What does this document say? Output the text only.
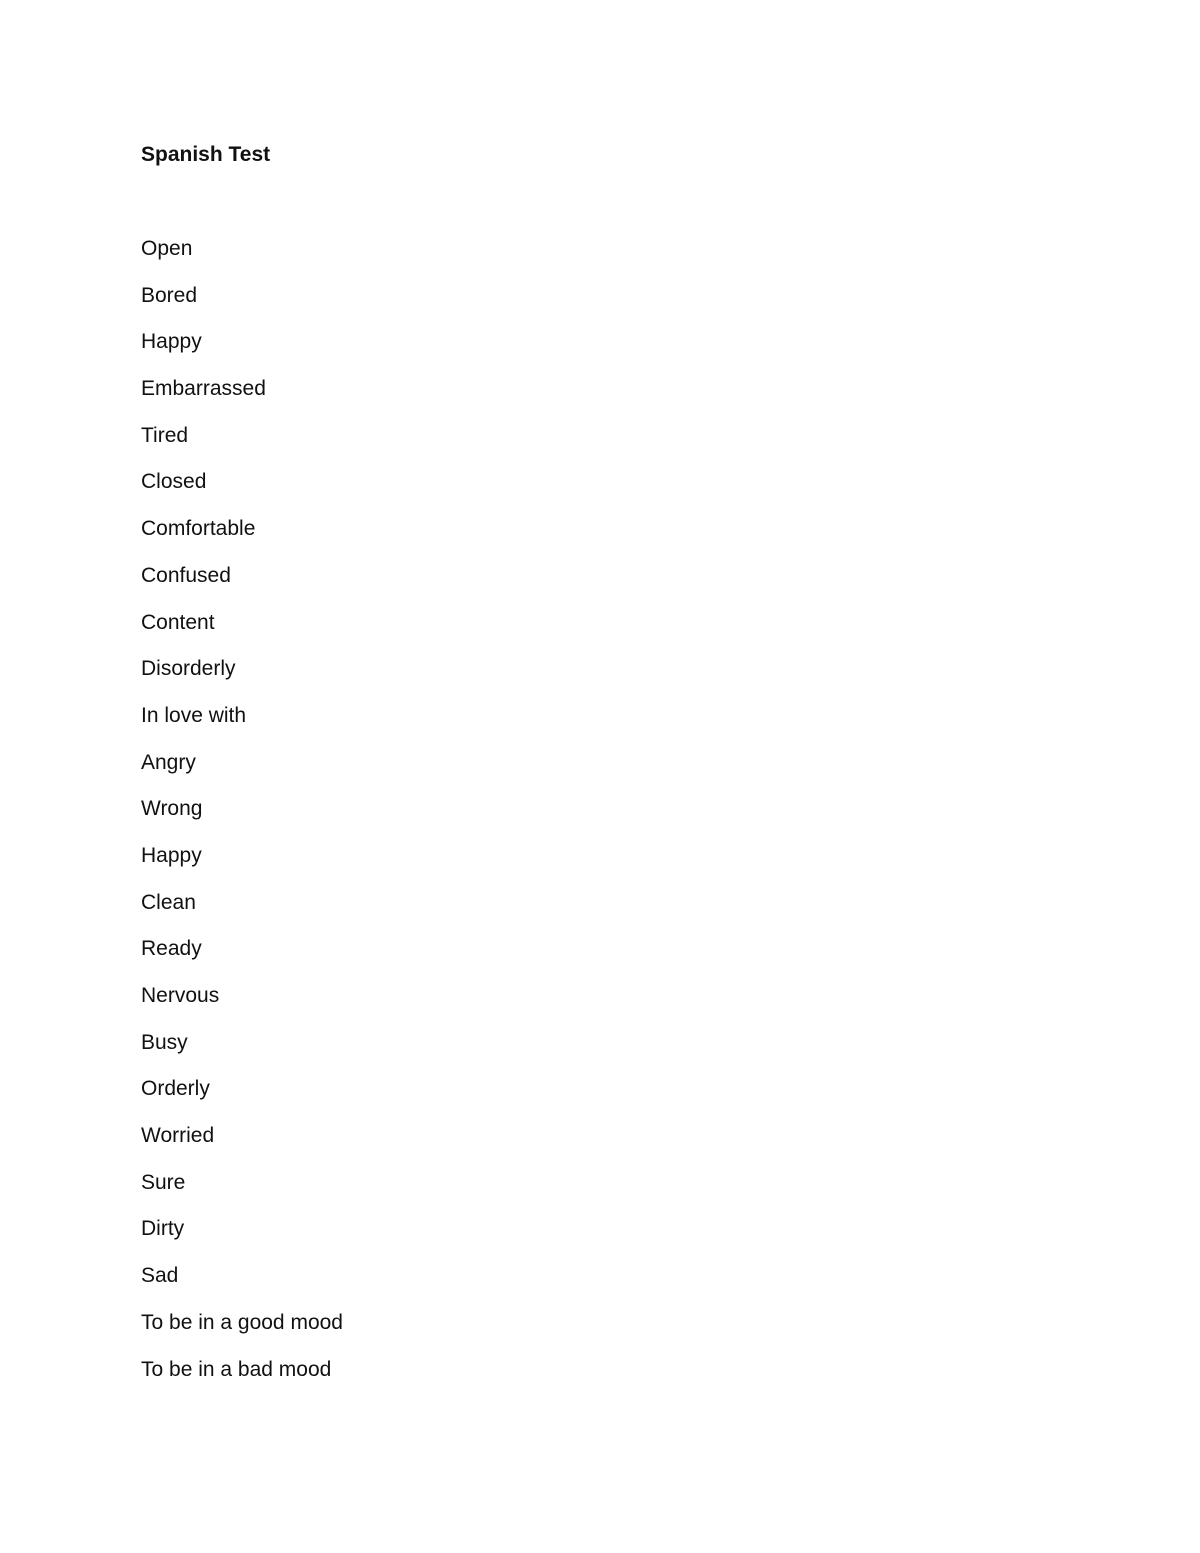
Spanish Test
Open
Bored
Happy
Embarrassed
Tired
Closed
Comfortable
Confused
Content
Disorderly
In love with
Angry
Wrong
Happy
Clean
Ready
Nervous
Busy
Orderly
Worried
Sure
Dirty
Sad
To be in a good mood
To be in a bad mood
